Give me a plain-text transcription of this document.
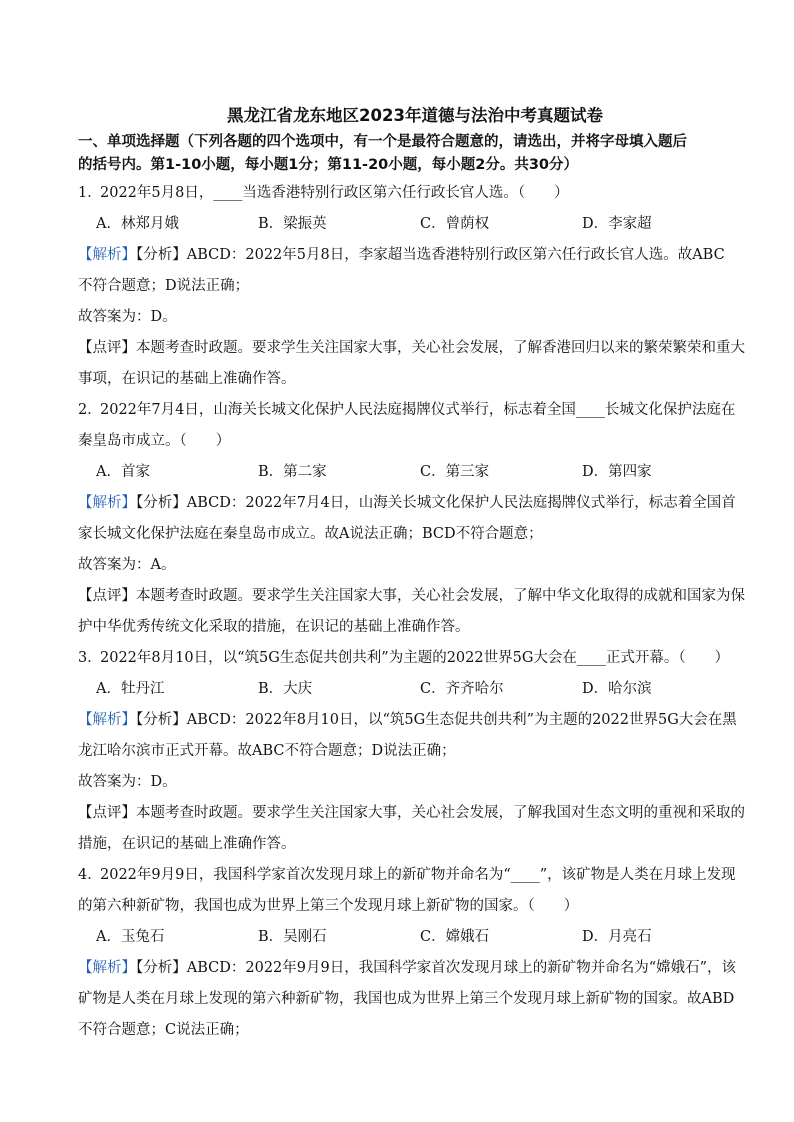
黑龙江省龙东地区2023年道德与法治中考真题试卷
一、单项选择题（下列各题的四个选项中，有一个是最符合题意的，请选出，并将字母填入题后
的括号内。第1-10小题，每小题1分；第11-20小题，每小题2分。共30分）
1．2022年5月8日，____当选香港特别行政区第六任行政长官人选。（　　）
A．林郑月娥	B．梁振英	C．曾荫权	D．李家超
【解析】【分析】ABCD：2022年5月8日，李家超当选香港特别行政区第六任行政长官人选。故ABC
不符合题意；D说法正确；
故答案为：D。
【点评】本题考查时政题。要求学生关注国家大事，关心社会发展，了解香港回归以来的繁荣繁荣和重大
事项，在识记的基础上准确作答。
2．2022年7月4日，山海关长城文化保护人民法庭揭牌仪式举行，标志着全国____长城文化保护法庭在
秦皇岛市成立。（　　）
A．首家	B．第二家	C．第三家	D．第四家
【解析】【分析】ABCD：2022年7月4日，山海关长城文化保护人民法庭揭牌仪式举行，标志着全国首
家长城文化保护法庭在秦皇岛市成立。故A说法正确；BCD不符合题意；
故答案为：A。
【点评】本题考查时政题。要求学生关注国家大事，关心社会发展，了解中华文化取得的成就和国家为保
护中华优秀传统文化采取的措施，在识记的基础上准确作答。
3．2022年8月10日，以“筑5G生态促共创共利”为主题的2022世界5G大会在____正式开幕。（　　）
A．牡丹江	B．大庆	C．齐齐哈尔	D．哈尔滨
【解析】【分析】ABCD：2022年8月10日，以“筑5G生态促共创共利”为主题的2022世界5G大会在黑
龙江哈尔滨市正式开幕。故ABC不符合题意；D说法正确；
故答案为：D。
【点评】本题考查时政题。要求学生关注国家大事，关心社会发展，了解我国对生态文明的重视和采取的
措施，在识记的基础上准确作答。
4．2022年9月9日，我国科学家首次发现月球上的新矿物并命名为“____”，该矿物是人类在月球上发现
的第六种新矿物，我国也成为世界上第三个发现月球上新矿物的国家。（　　）
A．玉兔石	B．吴刚石	C．嫦娥石	D．月亮石
【解析】【分析】ABCD：2022年9月9日，我国科学家首次发现月球上的新矿物并命名为“嫦娥石”，该
矿物是人类在月球上发现的第六种新矿物，我国也成为世界上第三个发现月球上新矿物的国家。故ABD
不符合题意；C说法正确；
